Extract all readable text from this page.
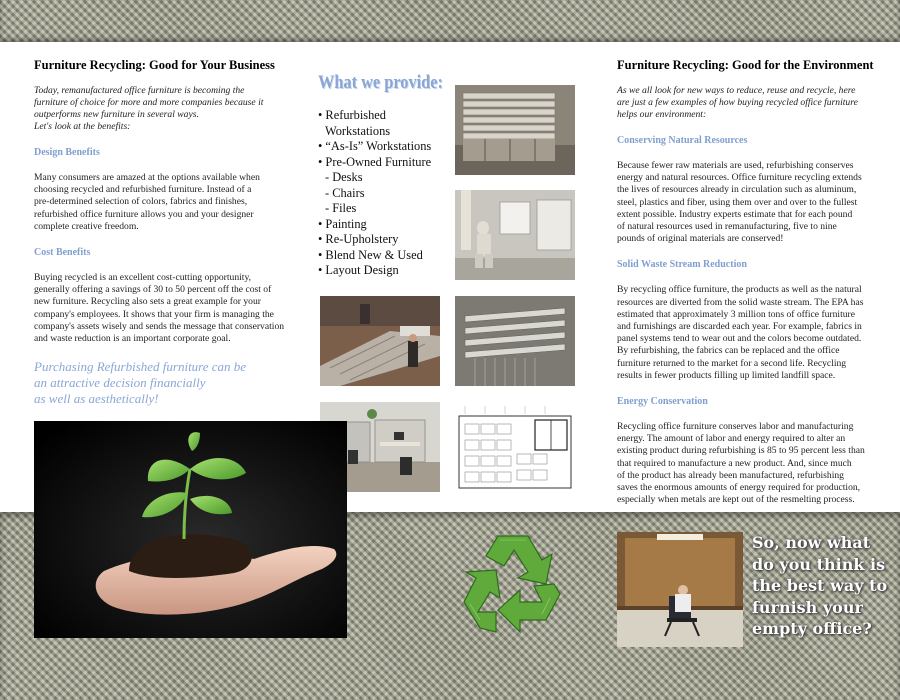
Furniture Recycling: Good for Your Business
Today, remanufactured office furniture is becoming the
furniture of choice for more and more companies because it
outperforms new furniture in several ways.
Let's look at the benefits:
Design Benefits
Many consumers are amazed at the options available when
choosing recycled and refurbished furniture. Instead of a
pre-determined selection of colors, fabrics and finishes,
refurbished office furniture allows you and your designer
complete creative freedom.
Cost Benefits
Buying recycled is an excellent cost-cutting opportunity,
generally offering a savings of 30 to 50 percent off the cost of
new furniture. Recycling also sets a great example for your
company's employees. It shows that your firm is managing the
company's assets wisely and sends the message that conservation
and waste reduction is an important corporate goal.
Purchasing Refurbished furniture can be
an attractive decision financially
as well as aesthetically!
What we provide:
• Refurbished
Workstations
• “As-Is” Workstations
• Pre-Owned Furniture
- Desks
- Chairs
- Files
• Painting
• Re-Upholstery
• Blend New & Used
• Layout Design
Furniture Recycling: Good for the Environment
As we all look for new ways to reduce, reuse and recycle, here
are just a few examples of how buying recycled office furniture
helps our environment:
Conserving Natural Resources
Because fewer raw materials are used, refurbishing conserves
energy and natural resources. Office furniture recycling extends
the lives of resources already in circulation such as aluminum,
steel, plastics and fiber, using them over and over to the fullest
extent possible. Industry experts estimate that for each pound
of natural resources used in remanufacturing, five to nine
pounds of original materials are conserved!
Solid Waste Stream Reduction
By recycling office furniture, the products as well as the natural
resources are diverted from the solid waste stream. The EPA has
estimated that approximately 3 million tons of office furniture
and furnishings are discarded each year. For example, fabrics in
panel systems tend to wear out and the colors become outdated.
By refurbishing, the fabrics can be replaced and the office
furniture returned to the market for a second life. Recycling
results in fewer products filling up limited landfill space.
Energy Conservation
Recycling office furniture conserves labor and manufacturing
energy. The amount of labor and energy required to alter an
existing product during refurbishing is 85 to 95 percent less than
that required to manufacture a new product. And, since much
of the product has already been manufactured, refurbishing
saves the enormous amounts of energy required for production,
especially when metals are kept out of the resmelting process.
So, now what
do you think is
the best way to
furnish your
empty office?
